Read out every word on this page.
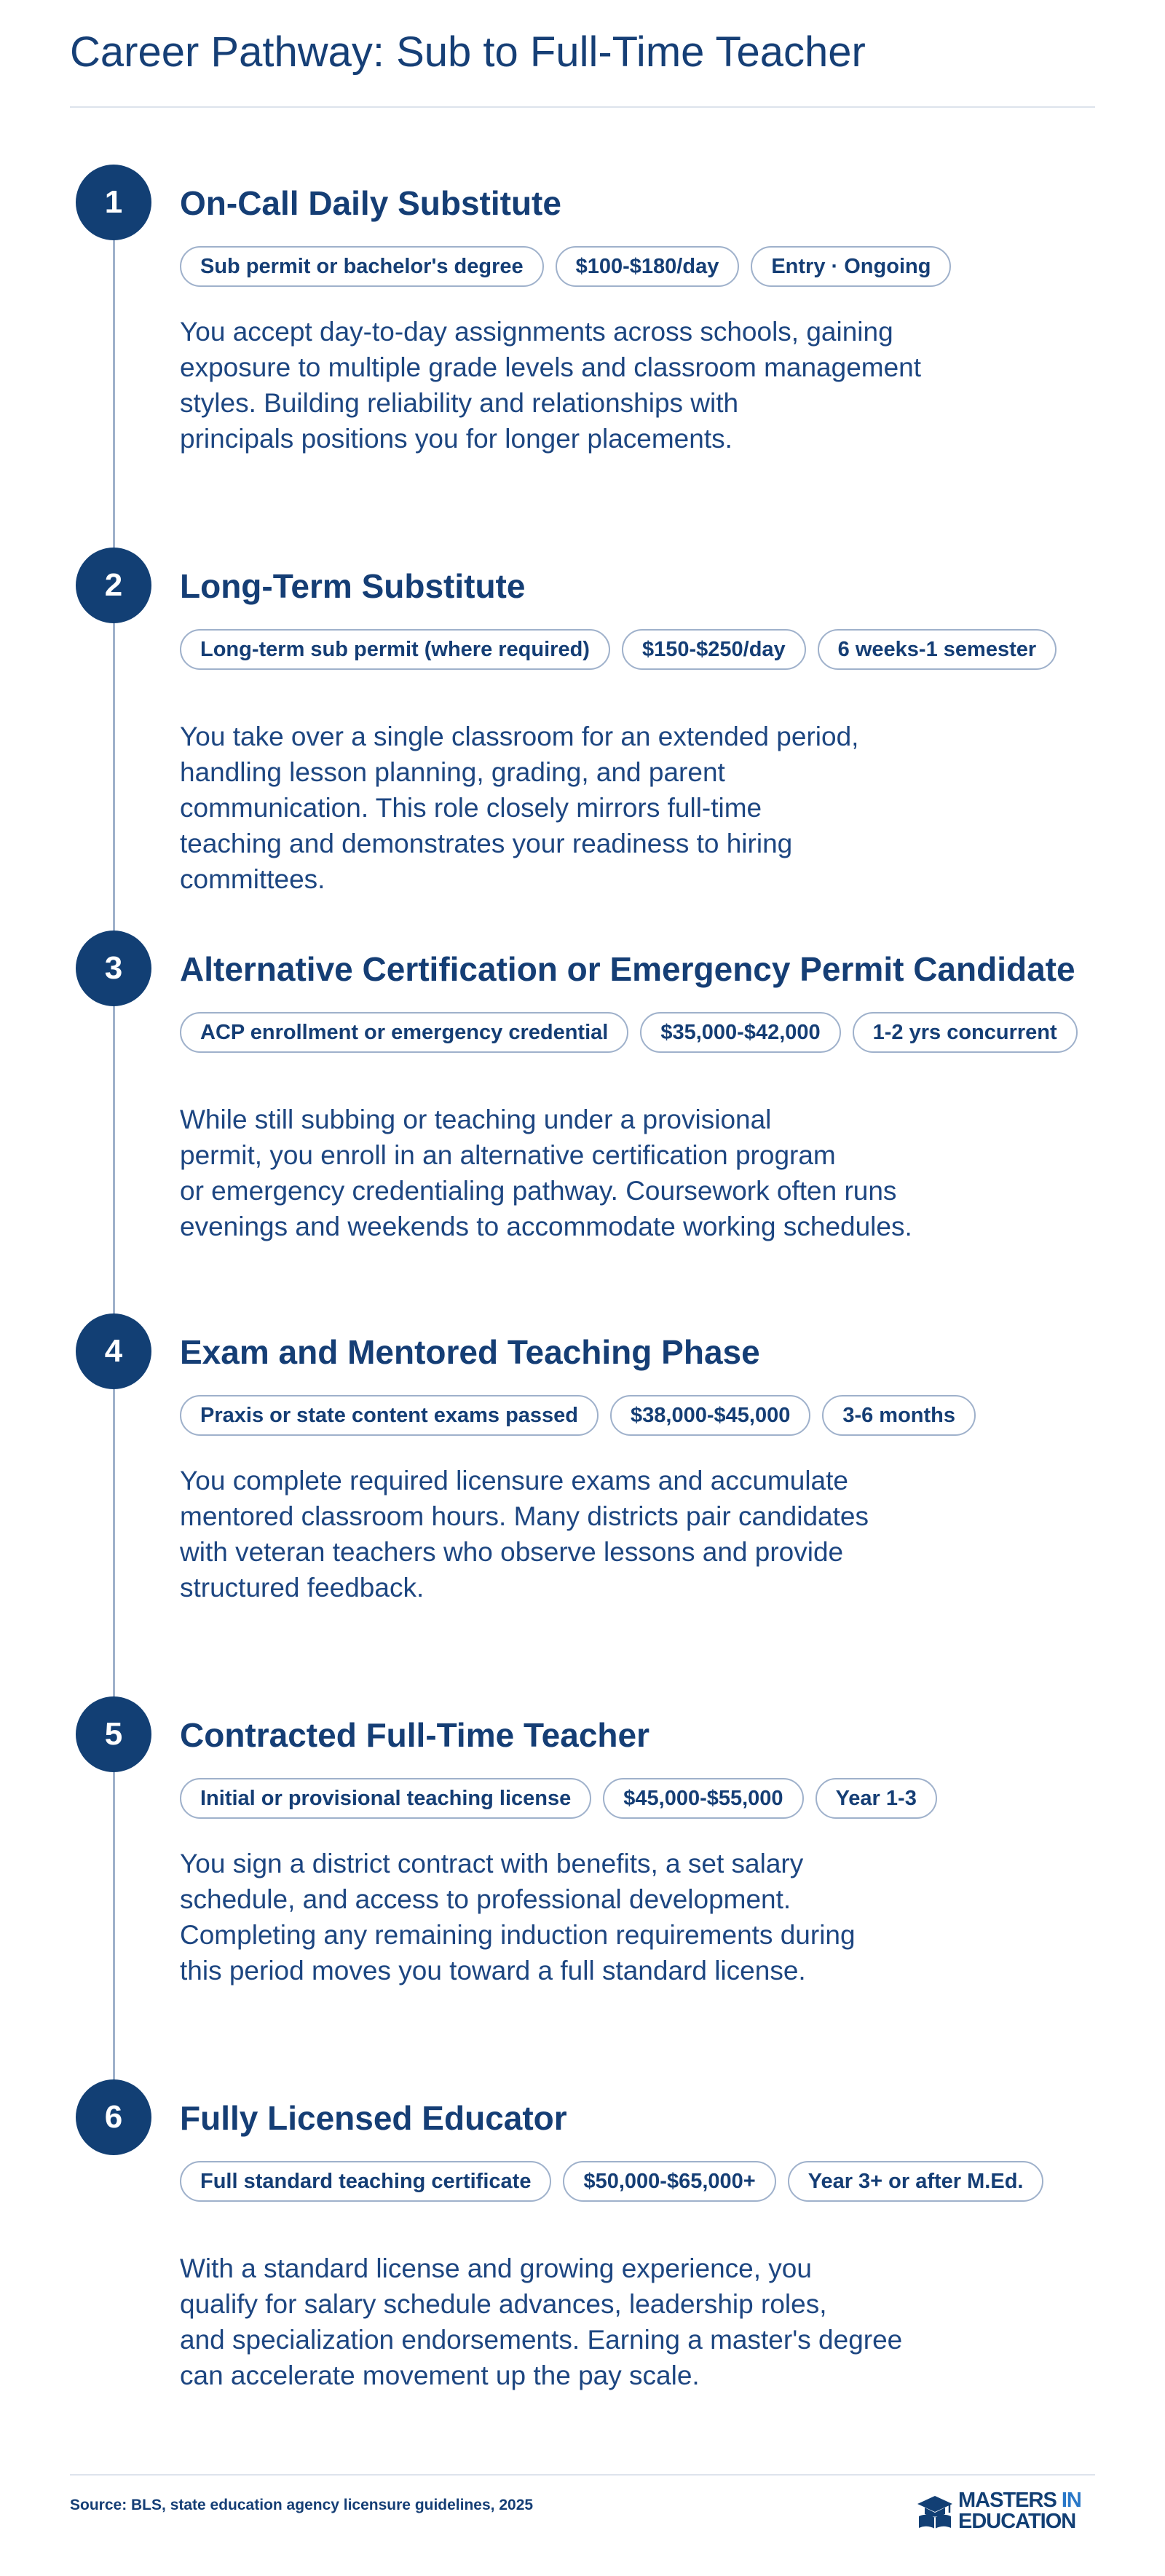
Career Pathway: Sub to Full-Time Teacher
1	On-Call Daily Substitute
Sub permit or bachelor's degree	$100-$180/day	Entry · Ongoing

You accept day-to-day assignments across schools, gaining
exposure to multiple grade levels and classroom management
styles. Building reliability and relationships with
principals positions you for longer placements.

2	Long-Term Substitute
Long-term sub permit (where required)	$150-$250/day	6 weeks-1 semester

You take over a single classroom for an extended period,
handling lesson planning, grading, and parent
communication. This role closely mirrors full-time
teaching and demonstrates your readiness to hiring
committees.

3	Alternative Certification or Emergency Permit Candidate
ACP enrollment or emergency credential	$35,000-$42,000	1-2 yrs concurrent

While still subbing or teaching under a provisional
permit, you enroll in an alternative certification program
or emergency credentialing pathway. Coursework often runs
evenings and weekends to accommodate working schedules.

4	Exam and Mentored Teaching Phase
Praxis or state content exams passed	$38,000-$45,000	3-6 months

You complete required licensure exams and accumulate
mentored classroom hours. Many districts pair candidates
with veteran teachers who observe lessons and provide
structured feedback.

5	Contracted Full-Time Teacher
Initial or provisional teaching license	$45,000-$55,000	Year 1-3

You sign a district contract with benefits, a set salary
schedule, and access to professional development.
Completing any remaining induction requirements during
this period moves you toward a full standard license.

6	Fully Licensed Educator
Full standard teaching certificate	$50,000-$65,000+	Year 3+ or after M.Ed.

With a standard license and growing experience, you
qualify for salary schedule advances, leadership roles,
and specialization endorsements. Earning a master's degree
can accelerate movement up the pay scale.

Source: BLS, state education agency licensure guidelines, 2025	MASTERS IN
EDUCATION
